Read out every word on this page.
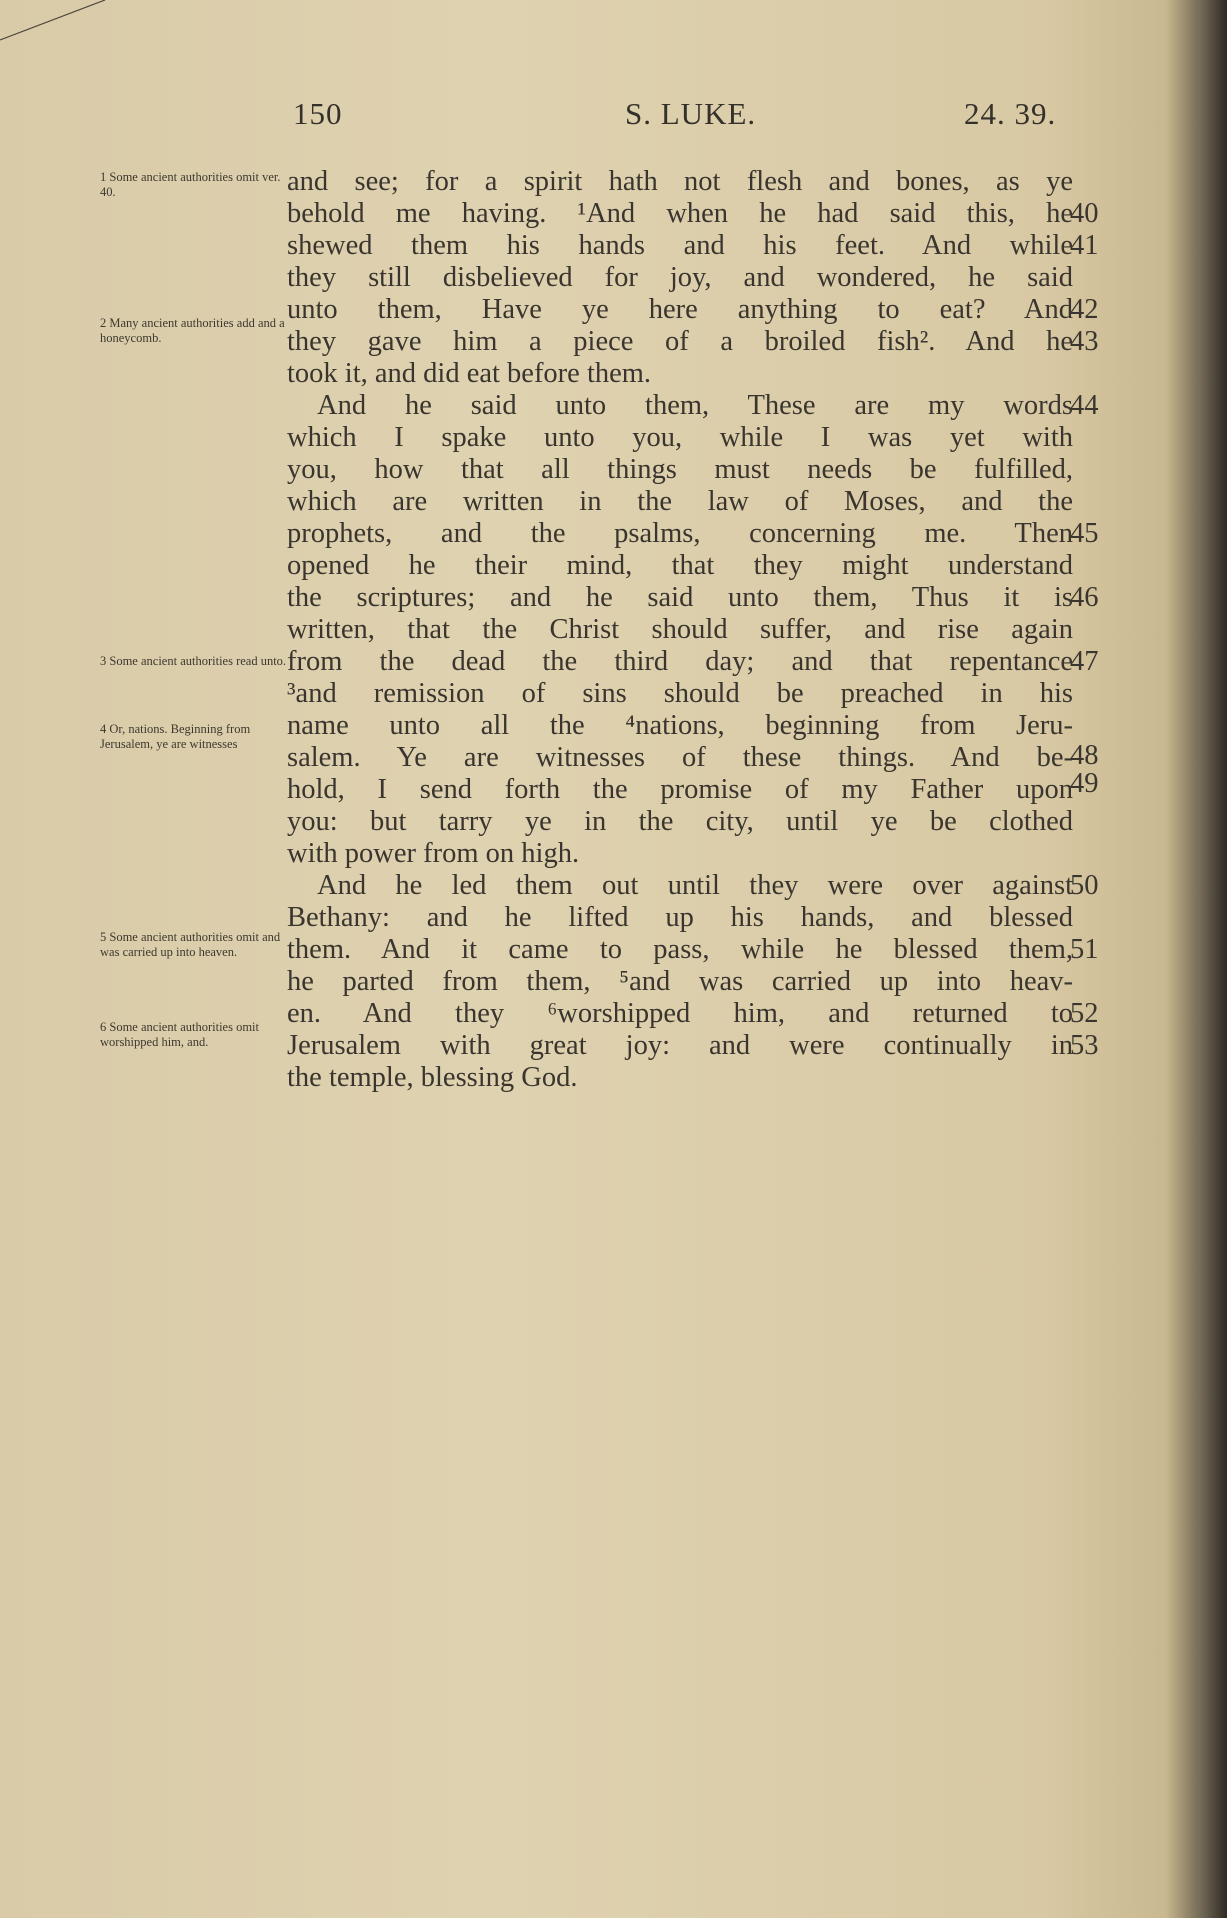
150	S. LUKE.	24. 39.
1 Some ancient authorities omit ver. 40.
2 Many ancient authorities add and a honeycomb.
3 Some ancient authorities read unto.
4 Or, nations. Beginning from Jerusalem, ye are witnesses
5 Some ancient authorities omit and was carried up into heaven.
6 Some ancient authorities omit worshipped him, and.
and see; for a spirit hath not flesh and bones, as ye
behold me having. ¹And when he had said this, he
shewed them his hands and his feet. And while
they still disbelieved for joy, and wondered, he said
unto them, Have ye here anything to eat? And
they gave him a piece of a broiled fish². And he
took it, and did eat before them.
And he said unto them, These are my words
which I spake unto you, while I was yet with
you, how that all things must needs be fulfilled,
which are written in the law of Moses, and the
prophets, and the psalms, concerning me. Then
opened he their mind, that they might understand
the scriptures; and he said unto them, Thus it is
written, that the Christ should suffer, and rise again
from the dead the third day; and that repentance
³and remission of sins should be preached in his
name unto all the ⁴nations, beginning from Jeru-
salem. Ye are witnesses of these things. And be-
hold, I send forth the promise of my Father upon
you: but tarry ye in the city, until ye be clothed
with power from on high.
And he led them out until they were over against
Bethany: and he lifted up his hands, and blessed
them. And it came to pass, while he blessed them,
he parted from them, ⁵and was carried up into heav-
en. And they ⁶worshipped him, and returned to
Jerusalem with great joy: and were continually in
the temple, blessing God.
40
41
42
43
44
45
46
47
48
49
50
51
52
53
